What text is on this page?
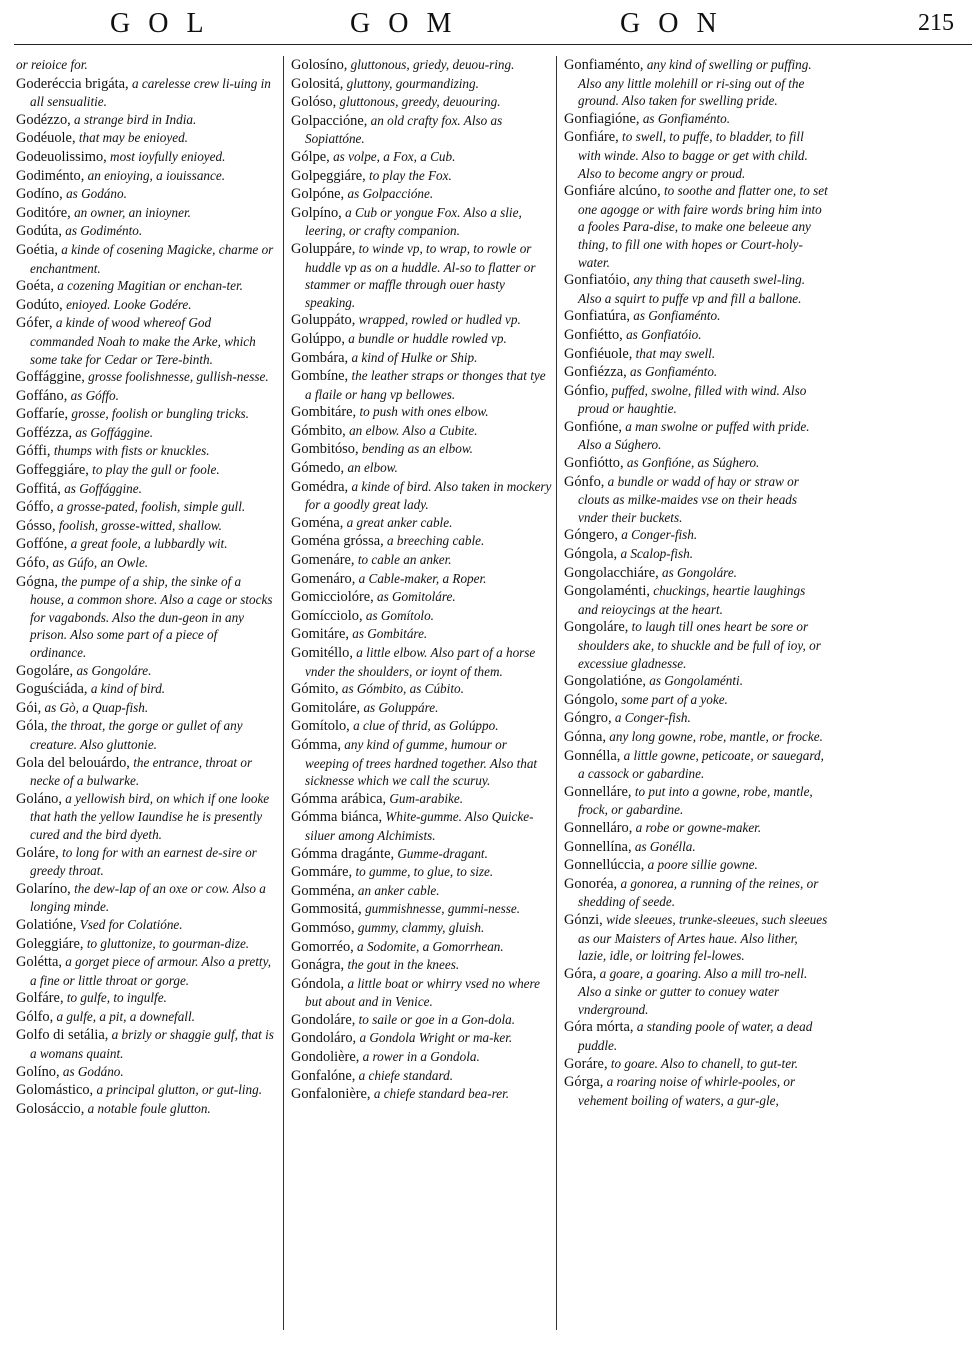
GOL	GOM	GON	215

or reioice for.

Goderéccia brigáta, a carelesse crew li-uing in all sensualitie.

Godézzo, a strange bird in India.

Godéuole, that may be enioyed.

Godeuolissimo, most ioyfully enioyed.

Godiménto, an enioying, a iouissance.

Godíno, as Godáno.

Goditóre, an owner, an inioyner.

Godúta, as Godiménto.

Goétia, a kinde of cosening Magicke, charme or enchantment.

Goéta, a cozening Magitian or enchan-ter.

Godúto, enioyed. Looke Godére.

Gófer, a kinde of wood whereof God commanded Noah to make the Arke, which some take for Cedar or Tere-binth.

Goffággine, grosse foolishnesse, gullish-nesse.

Goffáno, as Góffo.

Goffaríe, grosse, foolish or bungling tricks.

Goffézza, as Goffággine.

Góffi, thumps with fists or knuckles.

Goffeggiáre, to play the gull or foole.

Goffitá, as Goffággine.

Góffo, a grosse-pated, foolish, simple gull.

Gósso, foolish, grosse-witted, shallow.

Goffóne, a great foole, a lubbardly wit.

Gófo, as Gúfo, an Owle.

Gógna, the pumpe of a ship, the sinke of a house, a common shore. Also a cage or stocks for vagabonds. Also the dun-geon in any prison. Also some part of a piece of ordinance.

Gogoláre, as Gongoláre.

Goguściáda, a kind of bird.

Gói, as Gò, a Quap-fish.

Góla, the throat, the gorge or gullet of any creature. Also gluttonie.

Gola del belouárdo, the entrance, throat or necke of a bulwarke.

Goláno, a yellowish bird, on which if one looke that hath the yellow Iaundise he is presently cured and the bird dyeth.

Goláre, to long for with an earnest de-sire or greedy throat.

Golaríno, the dew-lap of an oxe or cow. Also a longing minde.

Golatióne, Vsed for Colatióne.

Goleggiáre, to gluttonize, to gourman-dize.

Golétta, a gorget piece of armour. Also a pretty, a fine or little throat or gorge.

Golfáre, to gulfe, to ingulfe.

Gólfo, a gulfe, a pit, a downefall.

Golfo di setália, a brizly or shaggie gulf, that is a womans quaint.

Golíno, as Godáno.

Golomástico, a principal glutton, or gut-ling.

Golosáccio, a notable foule glutton.

Golosíno, gluttonous, griedy, deuou-ring.

Golositá, gluttony, gourmandizing.

Golóso, gluttonous, greedy, deuouring.

Golpaccióne, an old crafty fox. Also as Sopiattóne.

Gólpe, as volpe, a Fox, a Cub.

Golpeggiáre, to play the Fox.

Golpóne, as Golpaccióne.

Golpíno, a Cub or yongue Fox. Also a slie, leering, or crafty companion.

Goluppáre, to winde vp, to wrap, to rowle or huddle vp as on a huddle. Al-so to flatter or stammer or maffle through ouer hasty speaking.

Goluppáto, wrapped, rowled or hudled vp.

Golúppo, a bundle or huddle rowled vp.

Gombára, a kind of Hulke or Ship.

Gombíne, the leather straps or thonges that tye a flaile or hang vp bellowes.

Gombitáre, to push with ones elbow.

Gómbito, an elbow. Also a Cubite.

Gombitóso, bending as an elbow.

Gómedo, an elbow.

Gomédra, a kinde of bird. Also taken in mockery for a goodly great lady.

Goména, a great anker cable.

Goména gróssa, a breeching cable.

Gomenáre, to cable an anker.

Gomenáro, a Cable-maker, a Roper.

Gomicciolóre, as Gomitoláre.

Gomícciolo, as Gomítolo.

Gomitáre, as Gombitáre.

Gomitéllo, a little elbow. Also part of a horse vnder the shoulders, or ioynt of them.

Gómito, as Gómbito, as Cúbito.

Gomitoláre, as Goluppáre.

Gomítolo, a clue of thrid, as Golúppo.

Gómma, any kind of gumme, humour or weeping of trees hardned together. Also that sicknesse which we call the scuruy.

Gómma arábica, Gum-arabike.

Gómma biánca, White-gumme. Also Quicke-siluer among Alchimists.

Gómma dragánte, Gumme-dragant.

Gommáre, to gumme, to glue, to size.

Gomména, an anker cable.

Gommositá, gummishnesse, gummi-nesse.

Gommóso, gummy, clammy, gluish.

Gomorréo, a Sodomite, a Gomorrhean.

Gonágra, the gout in the knees.

Góndola, a little boat or whirry vsed no where but about and in Venice.

Gondoláre, to saile or goe in a Gon-dola.

Gondoláro, a Gondola Wright or ma-ker.

Gondolière, a rower in a Gondola.

Gonfalóne, a chiefe standard.

Gonfalonière, a chiefe standard bea-rer.

Gonfiaménto, any kind of swelling or puffing. Also any little molehill or ri-sing out of the ground. Also taken for swelling pride.

Gonfiagióne, as Gonfiaménto.

Gonfiáre, to swell, to puffe, to bladder, to fill with winde. Also to bagge or get with child. Also to become angry or proud.

Gonfiáre alcúno, to soothe and flatter one, to set one agogge or with faire words bring him into a fooles Para-dise, to make one beleeue any thing, to fill one with hopes or Court-holy-water.

Gonfiatóio, any thing that causeth swel-ling. Also a squirt to puffe vp and fill a ballone.

Gonfiatúra, as Gonfiaménto.

Gonfiétto, as Gonfiatóio.

Gonfiéuole, that may swell.

Gonfiézza, as Gonfiaménto.

Gónfio, puffed, swolne, filled with wind. Also proud or haughtie.

Gonfióne, a man swolne or puffed with pride. Also a Súghero.

Gonfiótto, as Gonfióne, as Súghero.

Gónfo, a bundle or wadd of hay or straw or clouts as milke-maides vse on their heads vnder their buckets.

Góngero, a Conger-fish.

Góngola, a Scalop-fish.

Gongolacchiáre, as Gongoláre.

Gongolaménti, chuckings, heartie laughings and reioycings at the heart.

Gongoláre, to laugh till ones heart be sore or shoulders ake, to shuckle and be full of ioy, or excessiue gladnesse.

Gongolatióne, as Gongolaménti.

Góngolo, some part of a yoke.

Góngro, a Conger-fish.

Gónna, any long gowne, robe, mantle, or frocke.

Gonnélla, a little gowne, peticoate, or sauegard, a cassock or gabardine.

Gonnelláre, to put into a gowne, robe, mantle, frock, or gabardine.

Gonnelláro, a robe or gowne-maker.

Gonnellína, as Gonélla.

Gonnellúccia, a poore sillie gowne.

Gonoréa, a gonorea, a running of the reines, or shedding of seede.

Gónzi, wide sleeues, trunke-sleeues, such sleeues as our Maisters of Artes haue. Also lither, lazie, idle, or loitring fel-lowes.

Góra, a goare, a goaring. Also a mill tro-nell. Also a sinke or gutter to conuey water vnderground.

Góra mórta, a standing poole of water, a dead puddle.

Goráre, to goare. Also to chanell, to gut-ter.

Górga, a roaring noise of whirle-pooles, or vehement boiling of waters, a gur-gle,
